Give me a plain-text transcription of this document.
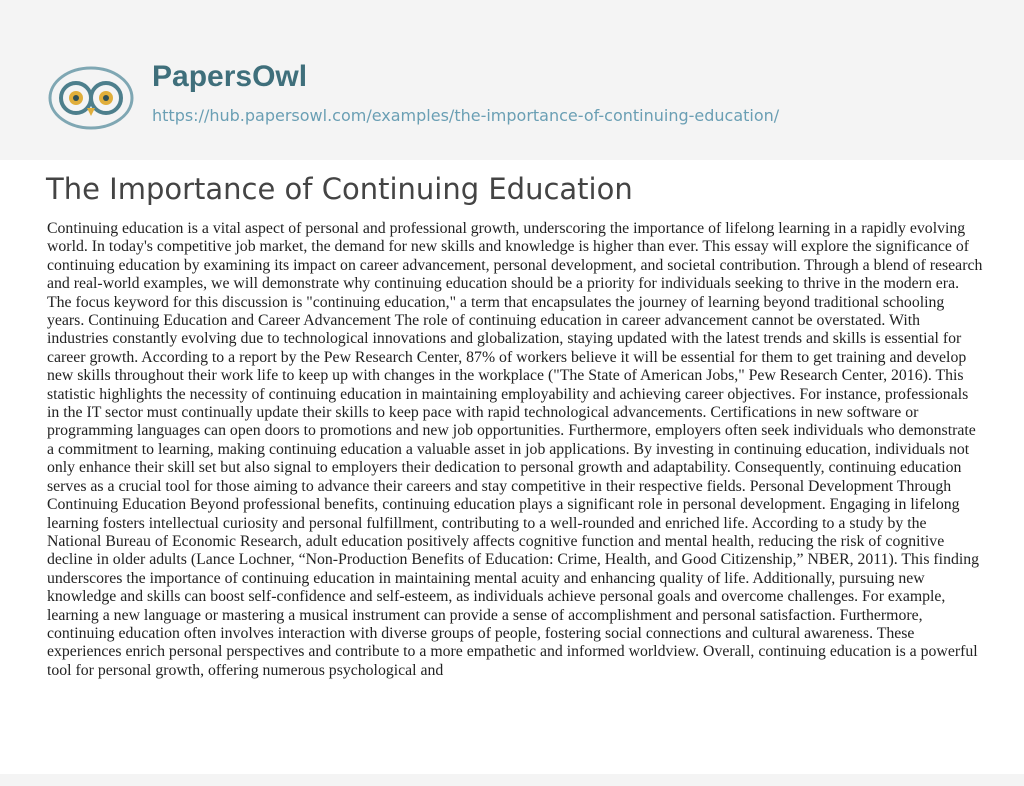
PapersOwl
https://hub.papersowl.com/examples/the-importance-of-continuing-education/
The Importance of Continuing Education

Continuing education is a vital aspect of personal and professional growth, underscoring the importance of lifelong learning in a rapidly evolving world. In today's competitive job market, the demand for new skills and knowledge is higher than ever. This essay will explore the significance of continuing education by examining its impact on career advancement, personal development, and societal contribution. Through a blend of research and real-world examples, we will demonstrate why continuing education should be a priority for individuals seeking to thrive in the modern era. The focus keyword for this discussion is "continuing education," a term that encapsulates the journey of learning beyond traditional schooling years. Continuing Education and Career Advancement The role of continuing education in career advancement cannot be overstated. With industries constantly evolving due to technological innovations and globalization, staying updated with the latest trends and skills is essential for career growth. According to a report by the Pew Research Center, 87% of workers believe it will be essential for them to get training and develop new skills throughout their work life to keep up with changes in the workplace ("The State of American Jobs," Pew Research Center, 2016). This statistic highlights the necessity of continuing education in maintaining employability and achieving career objectives. For instance, professionals in the IT sector must continually update their skills to keep pace with rapid technological advancements. Certifications in new software or programming languages can open doors to promotions and new job opportunities. Furthermore, employers often seek individuals who demonstrate a commitment to learning, making continuing education a valuable asset in job applications. By investing in continuing education, individuals not only enhance their skill set but also signal to employers their dedication to personal growth and adaptability. Consequently, continuing education serves as a crucial tool for those aiming to advance their careers and stay competitive in their respective fields. Personal Development Through Continuing Education Beyond professional benefits, continuing education plays a significant role in personal development. Engaging in lifelong learning fosters intellectual curiosity and personal fulfillment, contributing to a well-rounded and enriched life. According to a study by the National Bureau of Economic Research, adult education positively affects cognitive function and mental health, reducing the risk of cognitive decline in older adults (Lance Lochner, “Non-Production Benefits of Education: Crime, Health, and Good Citizenship,” NBER, 2011). This finding underscores the importance of continuing education in maintaining mental acuity and enhancing quality of life. Additionally, pursuing new knowledge and skills can boost self-confidence and self-esteem, as individuals achieve personal goals and overcome challenges. For example, learning a new language or mastering a musical instrument can provide a sense of accomplishment and personal satisfaction. Furthermore, continuing education often involves interaction with diverse groups of people, fostering social connections and cultural awareness. These experiences enrich personal perspectives and contribute to a more empathetic and informed worldview. Overall, continuing education is a powerful tool for personal growth, offering numerous psychological and
